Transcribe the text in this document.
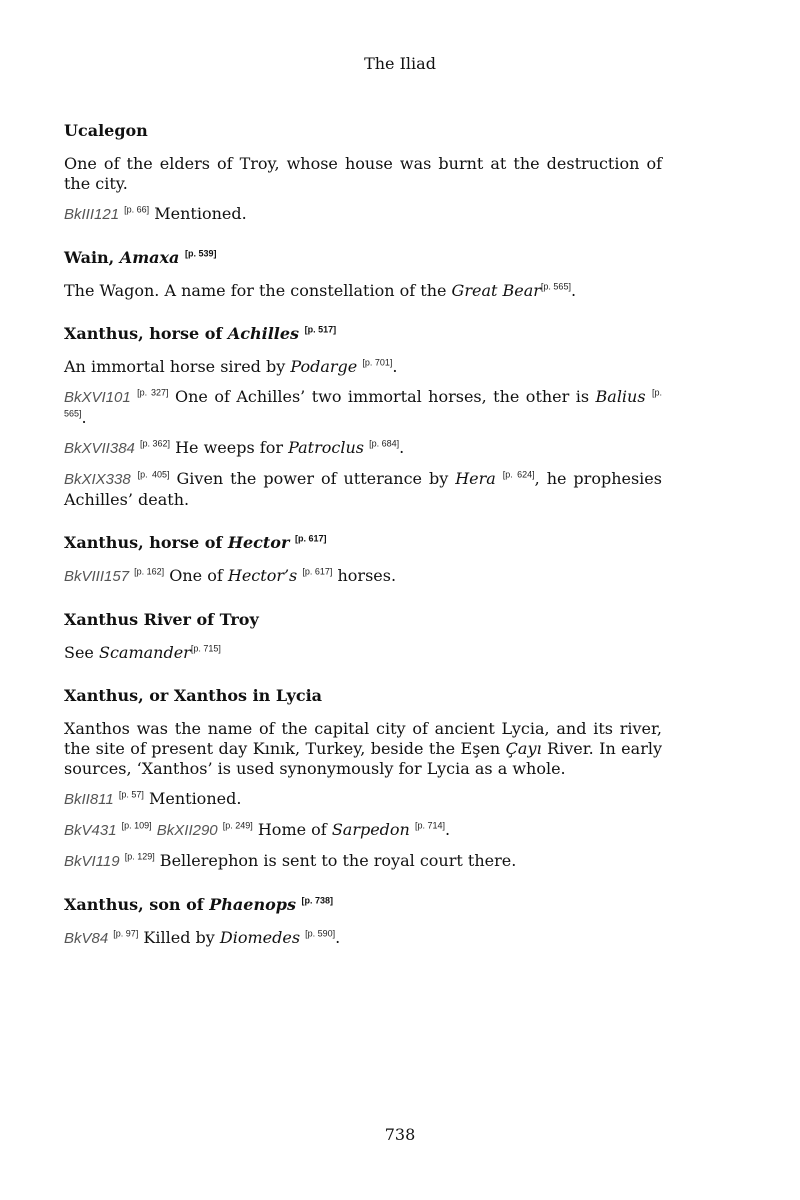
The Iliad
Ucalegon

One of the elders of Troy, whose house was burnt at the destruction of the city.

BkIII121 [p. 66] Mentioned.

Wain, Amaxa [p. 539]

The Wagon. A name for the constellation of the Great Bear[p. 565].

Xanthus, horse of Achilles [p. 517]

An immortal horse sired by Podarge [p. 701].

BkXVI101 [p. 327] One of Achilles’ two immortal horses, the other is Balius [p. 565].

BkXVII384 [p. 362] He weeps for Patroclus [p. 684].

BkXIX338 [p. 405] Given the power of utterance by Hera [p. 624], he prophesies Achilles’ death.

Xanthus, horse of Hector [p. 617]

BkVIII157 [p. 162] One of Hector’s [p. 617] horses.

Xanthus River of Troy

See Scamander[p. 715]

Xanthus, or Xanthos in Lycia

Xanthos was the name of the capital city of ancient Lycia, and its river, the site of present day Kınık, Turkey, beside the Eşen Çayı River. In early sources, ‘Xanthos’ is used synonymously for Lycia as a whole.

BkII811 [p. 57] Mentioned.

BkV431 [p. 109] BkXII290 [p. 249] Home of Sarpedon [p. 714].

BkVI119 [p. 129] Bellerephon is sent to the royal court there.

Xanthus, son of Phaenops [p. 738]

BkV84 [p. 97] Killed by Diomedes [p. 590].

738
